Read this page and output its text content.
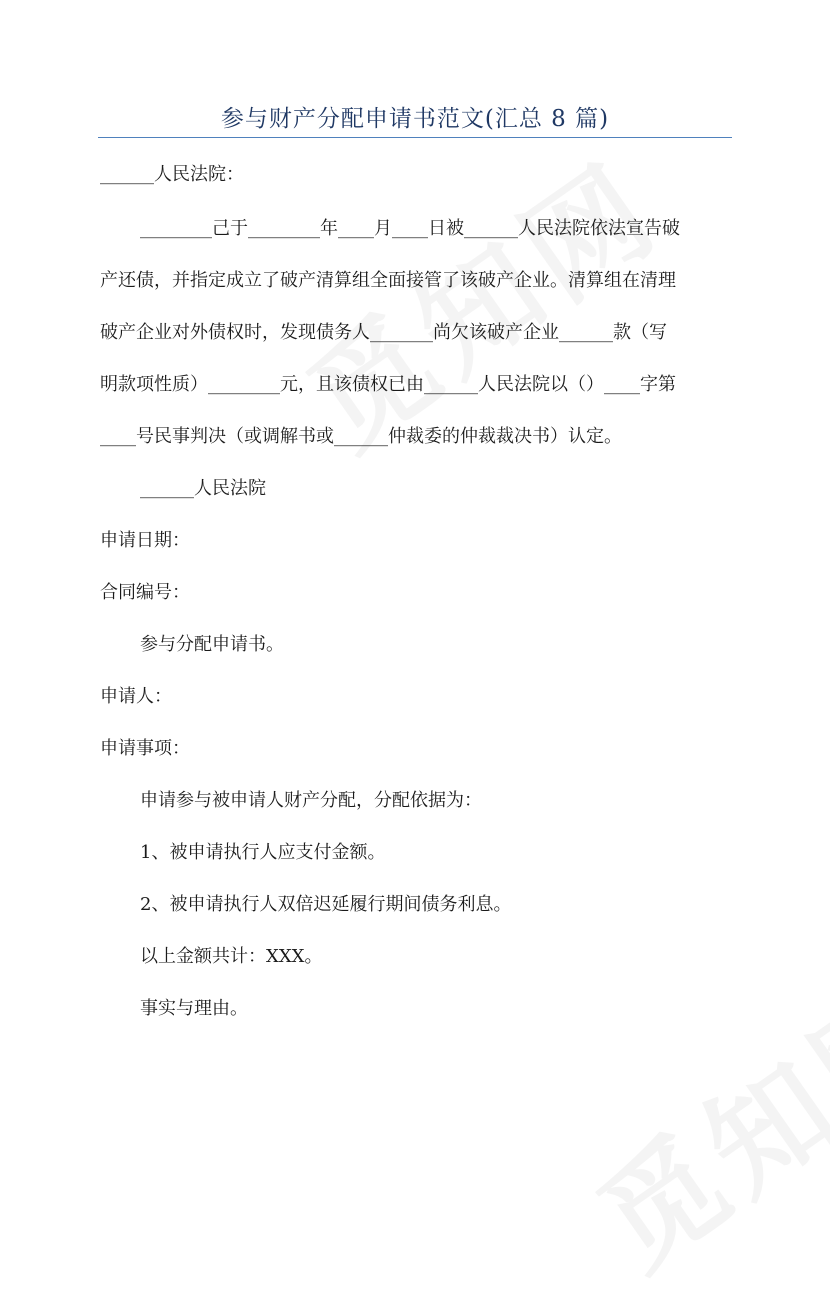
参与财产分配申请书范文(汇总 8 篇)
______人民法院：
________己于________年____月____日被______人民法院依法宣告破
产还债，并指定成立了破产清算组全面接管了该破产企业。清算组在清理
破产企业对外债权时，发现债务人_______尚欠该破产企业______款（写
明款项性质）________元，且该债权已由______人民法院以（）____字第
____号民事判决（或调解书或______仲裁委的仲裁裁决书）认定。
______人民法院
申请日期：
合同编号：
参与分配申请书。
申请人：
申请事项：
申请参与被申请人财产分配，分配依据为：
1、被申请执行人应支付金额。
2、被申请执行人双倍迟延履行期间债务利息。
以上金额共计：XXX。
事实与理由。
